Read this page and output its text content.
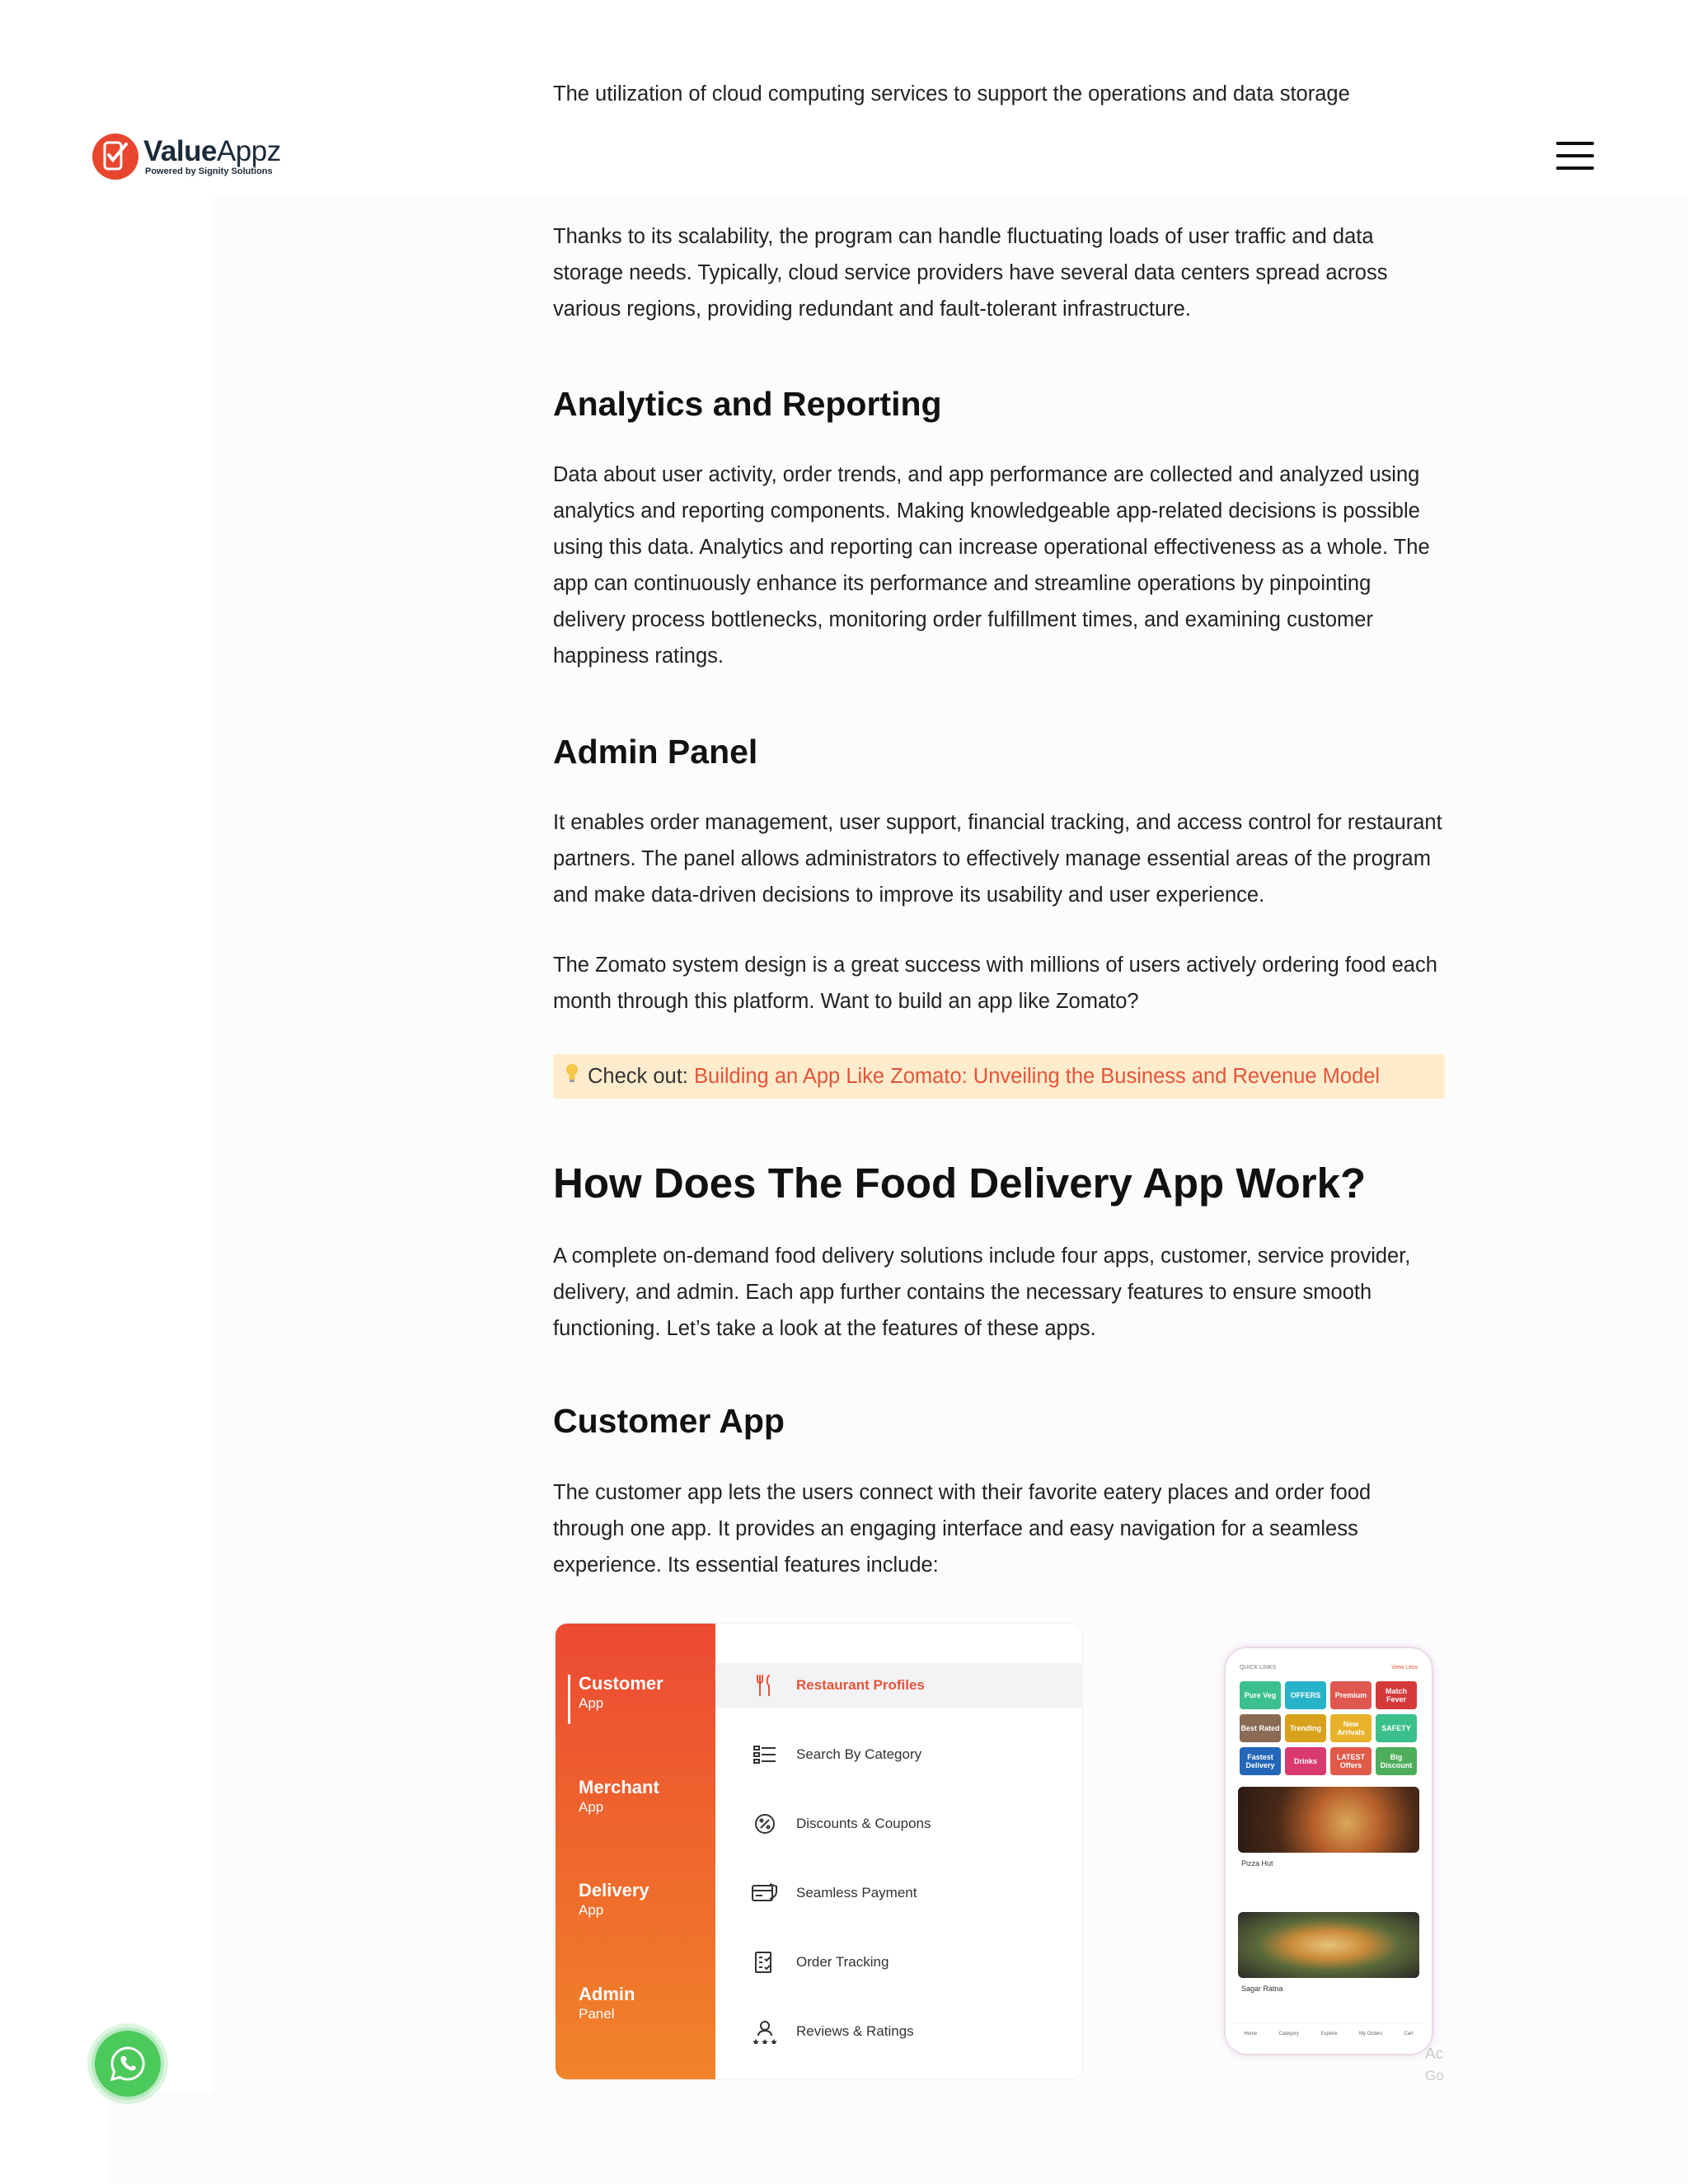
ValueAppz
Powered by Signity Solutions

The utilization of cloud computing services to support the operations and data storage

Thanks to its scalability, the program can handle fluctuating loads of user traffic and data storage needs. Typically, cloud service providers have several data centers spread across various regions, providing redundant and fault-tolerant infrastructure.

Analytics and Reporting

Data about user activity, order trends, and app performance are collected and analyzed using analytics and reporting components. Making knowledgeable app-related decisions is possible using this data. Analytics and reporting can increase operational effectiveness as a whole. The app can continuously enhance its performance and streamline operations by pinpointing delivery process bottlenecks, monitoring order fulfillment times, and examining customer happiness ratings.

Admin Panel

It enables order management, user support, financial tracking, and access control for restaurant partners. The panel allows administrators to effectively manage essential areas of the program and make data-driven decisions to improve its usability and user experience.

The Zomato system design is a great success with millions of users actively ordering food each month through this platform. Want to build an app like Zomato?

Check out: Building an App Like Zomato: Unveiling the Business and Revenue Model
How Does The Food Delivery App Work?

A complete on-demand food delivery solutions include four apps, customer, service provider, delivery, and admin. Each app further contains the necessary features to ensure smooth functioning. Let’s take a look at the features of these apps.

Customer App

The customer app lets the users connect with their favorite eatery places and order food through one app. It provides an engaging interface and easy navigation for a seamless experience. Its essential features include:

Customer
App
Merchant
App
Delivery
App
Admin
Panel
Restaurant Profiles
Search By Category
Discounts & Coupons
Seamless Payment
Order Tracking
Reviews & Ratings
QUICK LINKS	View Less
Pure Veg	OFFERS	Premium	Match Fever
Best Rated	Trending	New Arrivals	SAFETY
Fastest Delivery	Drinks	LATEST Offers
Big Discount
Pizza Hut
Sagar Ratna
Home	Category	Explore	My Orders	Cart
Ac
Go
